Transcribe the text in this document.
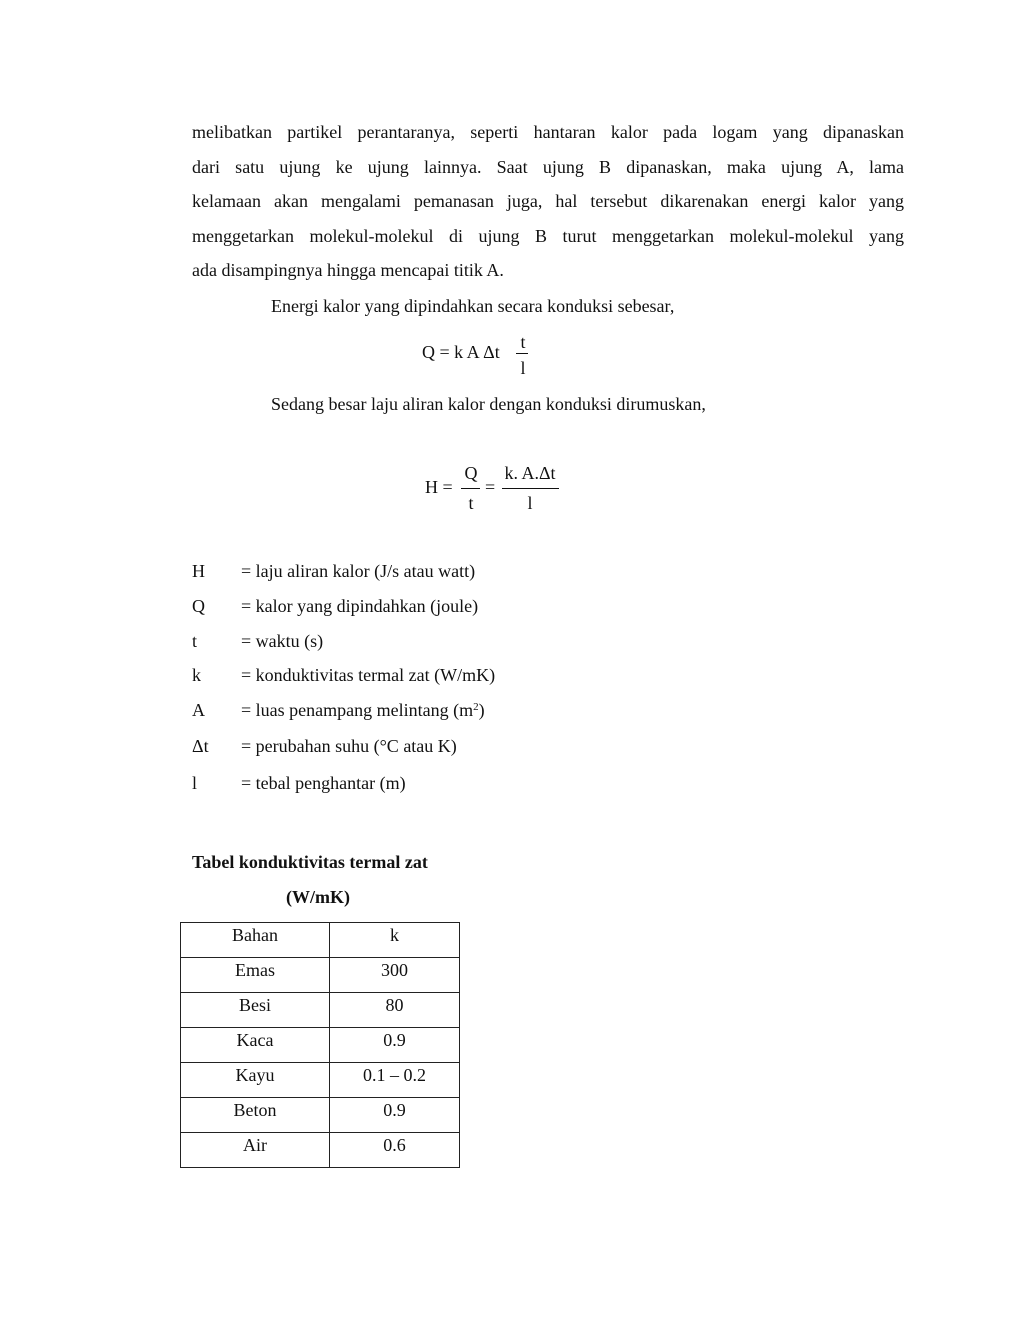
melibatkan partikel perantaranya, seperti hantaran kalor pada logam yang dipanaskan
dari satu ujung ke ujung lainnya. Saat ujung B dipanaskan, maka ujung A, lama
kelamaan akan mengalami pemanasan juga, hal tersebut dikarenakan energi kalor yang
menggetarkan molekul-molekul di ujung B turut menggetarkan molekul-molekul yang
ada disampingnya hingga mencapai titik A.

Energi kalor yang dipindahkan secara konduksi sebesar,

Q = k A Δt	t
l

Sedang besar laju aliran kalor dengan konduksi dirumuskan,

H =
Q
t
=
k. A.Δt
l
H = laju aliran kalor (J/s atau watt)
Q = kalor yang dipindahkan (joule)
t = waktu (s)
k = konduktivitas termal zat (W/mK)
A = luas penampang melintang $(m^2)$
Δt = perubahan suhu (°C atau K)
l = tebal penghantar (m)
Tabel konduktivitas termal zat
(W/mK)
Bahan	k
Emas	300
Besi	80
Kaca	0.9
Kayu	0.1 – 0.2
Beton	0.9
Air	0.6
